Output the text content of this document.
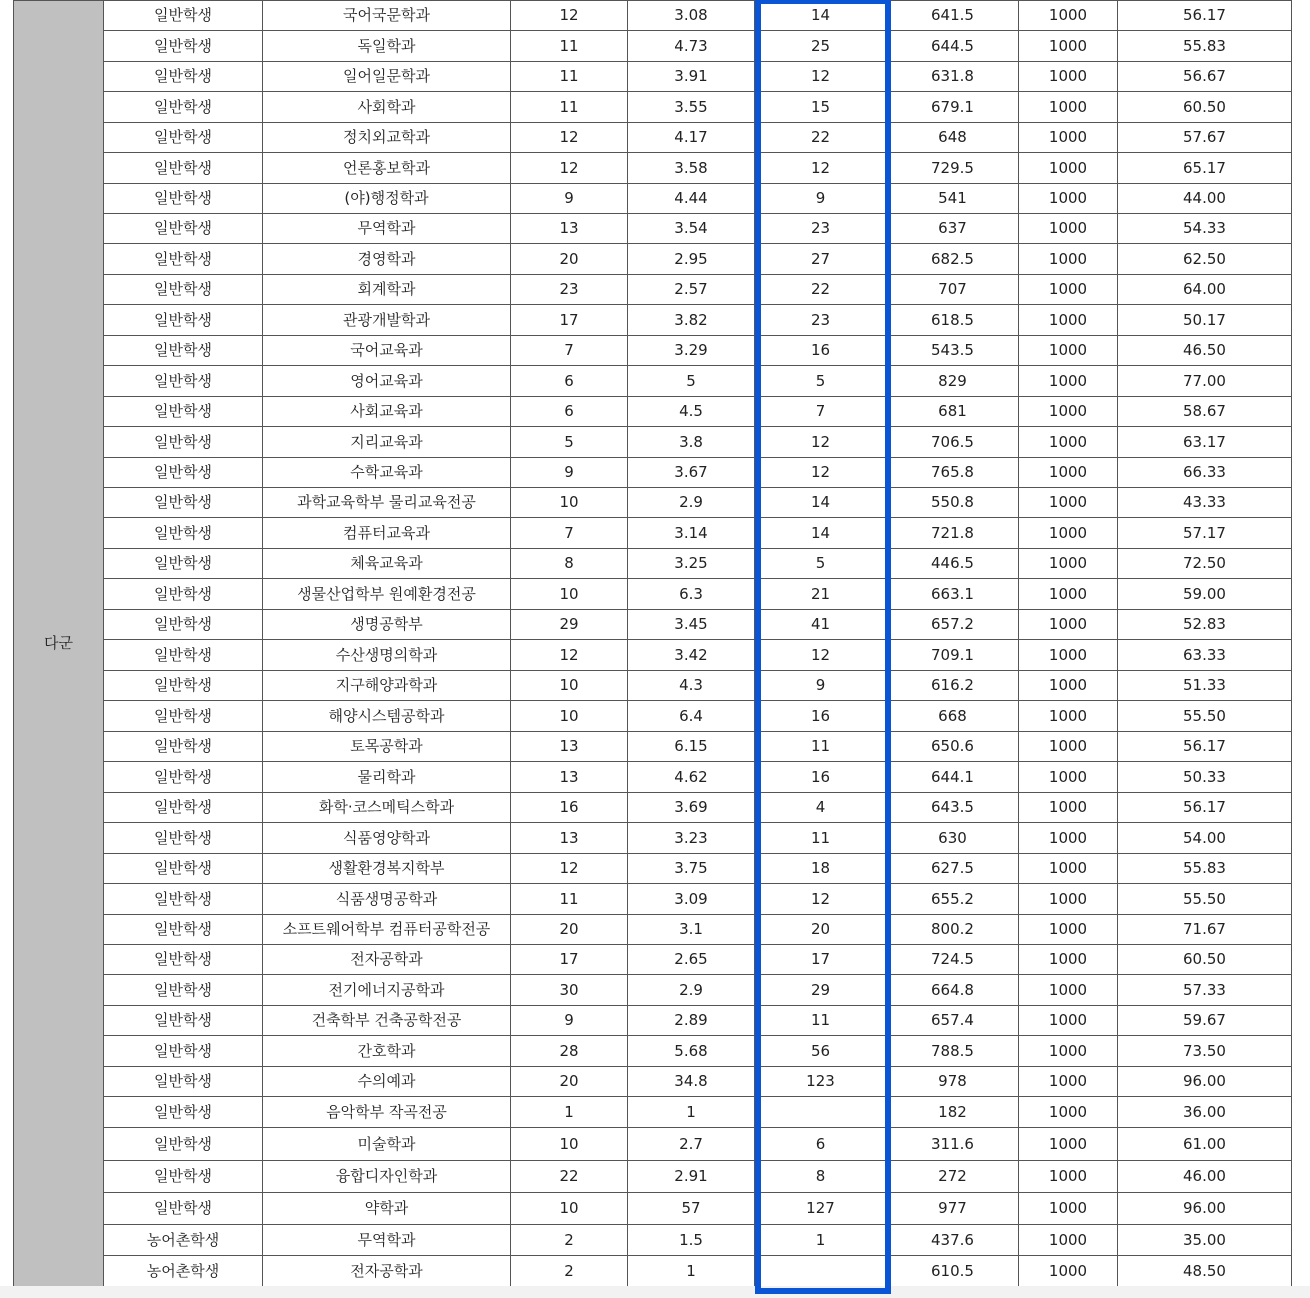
다군	일반학생	국어국문학과	12	3.08	14	641.5	1000	56.17
	일반학생	독일학과	11	4.73	25	644.5	1000	55.83
	일반학생	일어일문학과	11	3.91	12	631.8	1000	56.67
	일반학생	사회학과	11	3.55	15	679.1	1000	60.50
	일반학생	정치외교학과	12	4.17	22	648	1000	57.67
	일반학생	언론홍보학과	12	3.58	12	729.5	1000	65.17
	일반학생	(야)행정학과	9	4.44	9	541	1000	44.00
	일반학생	무역학과	13	3.54	23	637	1000	54.33
	일반학생	경영학과	20	2.95	27	682.5	1000	62.50
	일반학생	회계학과	23	2.57	22	707	1000	64.00
	일반학생	관광개발학과	17	3.82	23	618.5	1000	50.17
	일반학생	국어교육과	7	3.29	16	543.5	1000	46.50
	일반학생	영어교육과	6	5	5	829	1000	77.00
	일반학생	사회교육과	6	4.5	7	681	1000	58.67
	일반학생	지리교육과	5	3.8	12	706.5	1000	63.17
	일반학생	수학교육과	9	3.67	12	765.8	1000	66.33
	일반학생	과학교육학부 물리교육전공	10	2.9	14	550.8	1000	43.33
	일반학생	컴퓨터교육과	7	3.14	14	721.8	1000	57.17
	일반학생	체육교육과	8	3.25	5	446.5	1000	72.50
	일반학생	생물산업학부 원예환경전공	10	6.3	21	663.1	1000	59.00
	일반학생	생명공학부	29	3.45	41	657.2	1000	52.83
	일반학생	수산생명의학과	12	3.42	12	709.1	1000	63.33
	일반학생	지구해양과학과	10	4.3	9	616.2	1000	51.33
	일반학생	해양시스템공학과	10	6.4	16	668	1000	55.50
	일반학생	토목공학과	13	6.15	11	650.6	1000	56.17
	일반학생	물리학과	13	4.62	16	644.1	1000	50.33
	일반학생	화학·코스메틱스학과	16	3.69	4	643.5	1000	56.17
	일반학생	식품영양학과	13	3.23	11	630	1000	54.00
	일반학생	생활환경복지학부	12	3.75	18	627.5	1000	55.83
	일반학생	식품생명공학과	11	3.09	12	655.2	1000	55.50
	일반학생	소프트웨어학부 컴퓨터공학전공	20	3.1	20	800.2	1000	71.67
	일반학생	전자공학과	17	2.65	17	724.5	1000	60.50
	일반학생	전기에너지공학과	30	2.9	29	664.8	1000	57.33
	일반학생	건축학부 건축공학전공	9	2.89	11	657.4	1000	59.67
	일반학생	간호학과	28	5.68	56	788.5	1000	73.50
	일반학생	수의예과	20	34.8	123	978	1000	96.00
	일반학생	음악학부 작곡전공	1	1		182	1000	36.00
	일반학생	미술학과	10	2.7	6	311.6	1000	61.00
	일반학생	융합디자인학과	22	2.91	8	272	1000	46.00
	일반학생	약학과	10	57	127	977	1000	96.00
	농어촌학생	무역학과	2	1.5	1	437.6	1000	35.00
	농어촌학생	전자공학과	2	1		610.5	1000	48.50
